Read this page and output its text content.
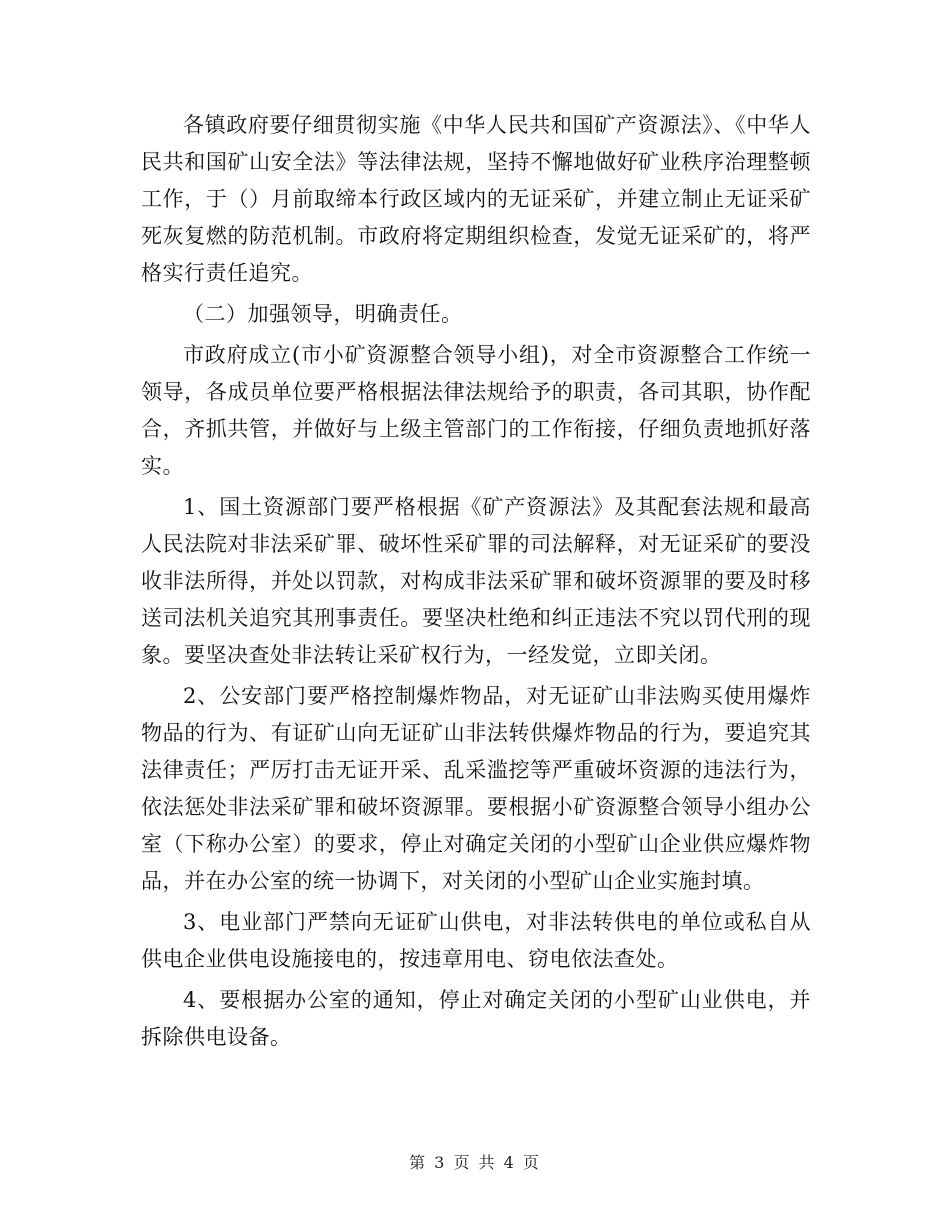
各镇政府要仔细贯彻实施《中华人民共和国矿产资源法》、《中华人民共和国矿山安全法》等法律法规，坚持不懈地做好矿业秩序治理整顿工作，于（）月前取缔本行政区域内的无证采矿，并建立制止无证采矿死灰复燃的防范机制。市政府将定期组织检查，发觉无证采矿的，将严格实行责任追究。

（二）加强领导，明确责任。

市政府成立(市小矿资源整合领导小组)，对全市资源整合工作统一领导，各成员单位要严格根据法律法规给予的职责，各司其职，协作配合，齐抓共管，并做好与上级主管部门的工作衔接，仔细负责地抓好落实。

1、国土资源部门要严格根据《矿产资源法》及其配套法规和最高人民法院对非法采矿罪、破坏性采矿罪的司法解释，对无证采矿的要没收非法所得，并处以罚款，对构成非法采矿罪和破坏资源罪的要及时移送司法机关追究其刑事责任。要坚决杜绝和纠正违法不究以罚代刑的现象。要坚决查处非法转让采矿权行为，一经发觉，立即关闭。

2、公安部门要严格控制爆炸物品，对无证矿山非法购买使用爆炸物品的行为、有证矿山向无证矿山非法转供爆炸物品的行为，要追究其法律责任；严厉打击无证开采、乱采滥挖等严重破坏资源的违法行为，依法惩处非法采矿罪和破坏资源罪。要根据小矿资源整合领导小组办公室（下称办公室）的要求，停止对确定关闭的小型矿山企业供应爆炸物品，并在办公室的统一协调下，对关闭的小型矿山企业实施封填。

3、电业部门严禁向无证矿山供电，对非法转供电的单位或私自从供电企业供电设施接电的，按违章用电、窃电依法查处。

4、要根据办公室的通知，停止对确定关闭的小型矿山业供电，并拆除供电设备。

第 3 页 共 4 页
